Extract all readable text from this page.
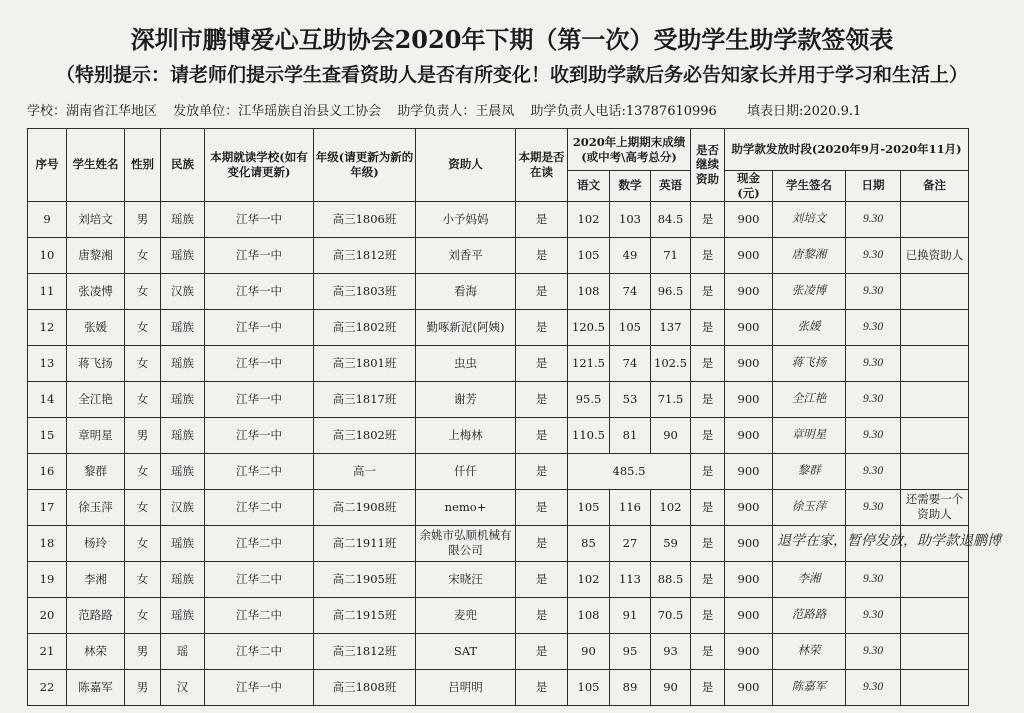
深圳市鹏博爱心互助协会2020年下期（第一次）受助学生助学款签领表
（特别提示：请老师们提示学生查看资助人是否有所变化！收到助学款后务必告知家长并用于学习和生活上）
学校：湖南省江华地区 发放单位：江华瑶族自治县义工协会 助学负责人：王晨凤 助学负责人电话:13787610996 填表日期:2020.9.1
序号	学生姓名	性别	民族	本期就读学校(如有变化请更新)	年级(请更新为新的年级)	资助人	本期是否在读	2020年上期期末成绩(或中考\高考总分)			是否继续资助	助学款发放时段(2020年9月-2020年11月)			
								语文	数学	英语		现金(元)	学生签名	日期	备注
9	刘培文	男	瑶族	江华一中	高三1806班	小予妈妈	是	102	103	84.5	是	900	刘培文	9.30	
10	唐黎湘	女	瑶族	江华一中	高三1812班	刘香平	是	105	49	71	是	900	唐黎湘	9.30	已换资助人
11	张凌愽	女	汉族	江华一中	高三1803班	看海	是	108	74	96.5	是	900	张凌博	9.30	
12	张媛	女	瑶族	江华一中	高三1802班	勤啄新泥(阿姨)	是	120.5	105	137	是	900	张媛	9.30	
13	蒋飞扬	女	瑶族	江华一中	高三1801班	虫虫	是	121.5	74	102.5	是	900	蒋飞扬	9.30	
14	全江艳	女	瑶族	江华一中	高三1817班	谢芳	是	95.5	53	71.5	是	900	全江艳	9.30	
15	章明星	男	瑶族	江华一中	高三1802班	上梅林	是	110.5	81	90	是	900	章明星	9.30	
16	黎群	女	瑶族	江华二中	高一	仟仟	是	485.5			是	900	黎群	9.30	
17	徐玉萍	女	汉族	江华二中	高二1908班	nemo+	是	105	116	102	是	900	徐玉萍	9.30	还需要一个资助人
18	杨玲	女	瑶族	江华二中	高二1911班	余姚市弘顺机械有限公司	是	85	27	59	是	900	退学在家，暂停发放，助学款退鹏博		

19	李湘	女	瑶族	江华二中	高二1905班	宋晓汪	是	102	113	88.5	是	900	李湘	9.30	
20	范路路	女	瑶族	江华二中	高二1915班	麦兜	是	108	91	70.5	是	900	范路路	9.30	
21	林荣	男	瑶	江华二中	高三1812班	SAT	是	90	95	93	是	900	林荣	9.30	
22	陈嘉军	男	汉	江华一中	高三1808班	吕明明	是	105	89	90	是	900	陈嘉军	9.30	
